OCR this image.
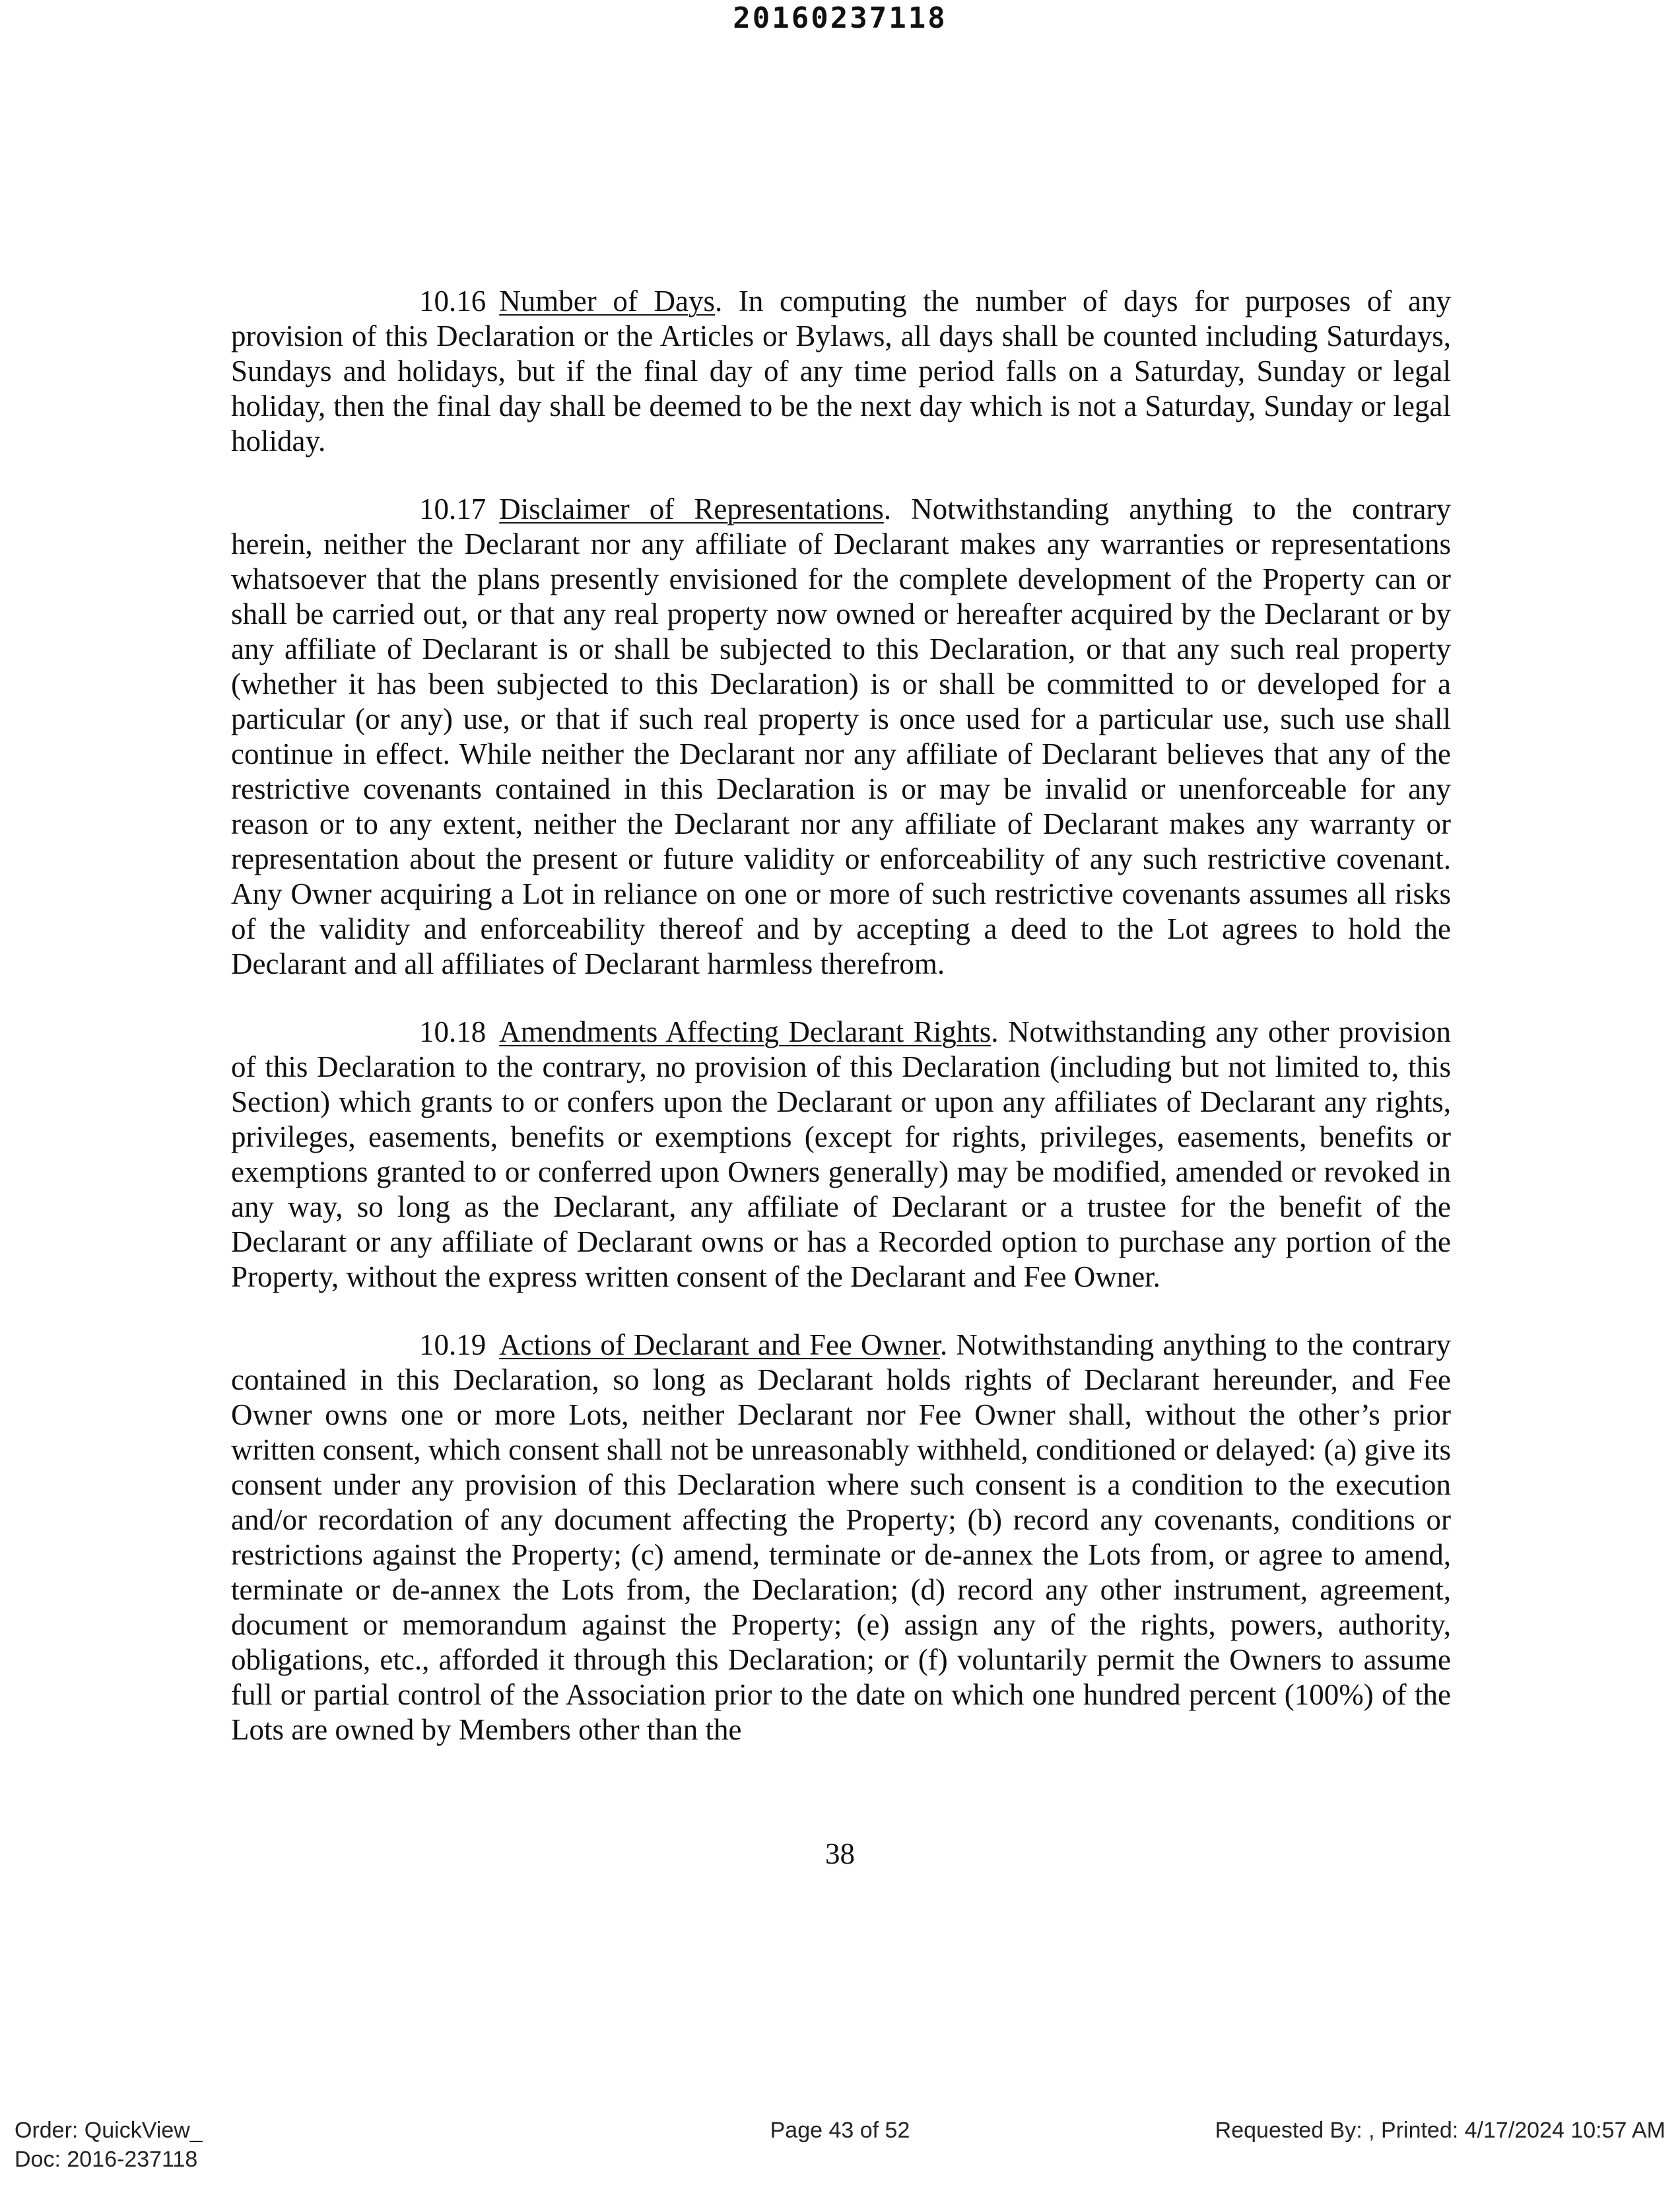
20160237118

10.16 Number of Days. In computing the number of days for purposes of any provision of this Declaration or the Articles or Bylaws, all days shall be counted including Saturdays, Sundays and holidays, but if the final day of any time period falls on a Saturday, Sunday or legal holiday, then the final day shall be deemed to be the next day which is not a Saturday, Sunday or legal holiday.

10.17 Disclaimer of Representations. Notwithstanding anything to the contrary herein, neither the Declarant nor any affiliate of Declarant makes any warranties or representations whatsoever that the plans presently envisioned for the complete development of the Property can or shall be carried out, or that any real property now owned or hereafter acquired by the Declarant or by any affiliate of Declarant is or shall be subjected to this Declaration, or that any such real property (whether it has been subjected to this Declaration) is or shall be committed to or developed for a particular (or any) use, or that if such real property is once used for a particular use, such use shall continue in effect. While neither the Declarant nor any affiliate of Declarant believes that any of the restrictive covenants contained in this Declaration is or may be invalid or unenforceable for any reason or to any extent, neither the Declarant nor any affiliate of Declarant makes any warranty or representation about the present or future validity or enforceability of any such restrictive covenant. Any Owner acquiring a Lot in reliance on one or more of such restrictive covenants assumes all risks of the validity and enforceability thereof and by accepting a deed to the Lot agrees to hold the Declarant and all affiliates of Declarant harmless therefrom.

10.18 Amendments Affecting Declarant Rights. Notwithstanding any other provision of this Declaration to the contrary, no provision of this Declaration (including but not limited to, this Section) which grants to or confers upon the Declarant or upon any affiliates of Declarant any rights, privileges, easements, benefits or exemptions (except for rights, privileges, easements, benefits or exemptions granted to or conferred upon Owners generally) may be modified, amended or revoked in any way, so long as the Declarant, any affiliate of Declarant or a trustee for the benefit of the Declarant or any affiliate of Declarant owns or has a Recorded option to purchase any portion of the Property, without the express written consent of the Declarant and Fee Owner.

10.19 Actions of Declarant and Fee Owner. Notwithstanding anything to the contrary contained in this Declaration, so long as Declarant holds rights of Declarant hereunder, and Fee Owner owns one or more Lots, neither Declarant nor Fee Owner shall, without the other’s prior written consent, which consent shall not be unreasonably withheld, conditioned or delayed: (a) give its consent under any provision of this Declaration where such consent is a condition to the execution and/or recordation of any document affecting the Property; (b) record any covenants, conditions or restrictions against the Property; (c) amend, terminate or de-annex the Lots from, or agree to amend, terminate or de-annex the Lots from, the Declaration; (d) record any other instrument, agreement, document or memorandum against the Property; (e) assign any of the rights, powers, authority, obligations, etc., afforded it through this Declaration; or (f) voluntarily permit the Owners to assume full or partial control of the Association prior to the date on which one hundred percent (100%) of the Lots are owned by Members other than the

38
Order: QuickView_
Doc: 2016-237118
Page 43 of 52	Requested By: , Printed: 4/17/2024 10:57 AM
